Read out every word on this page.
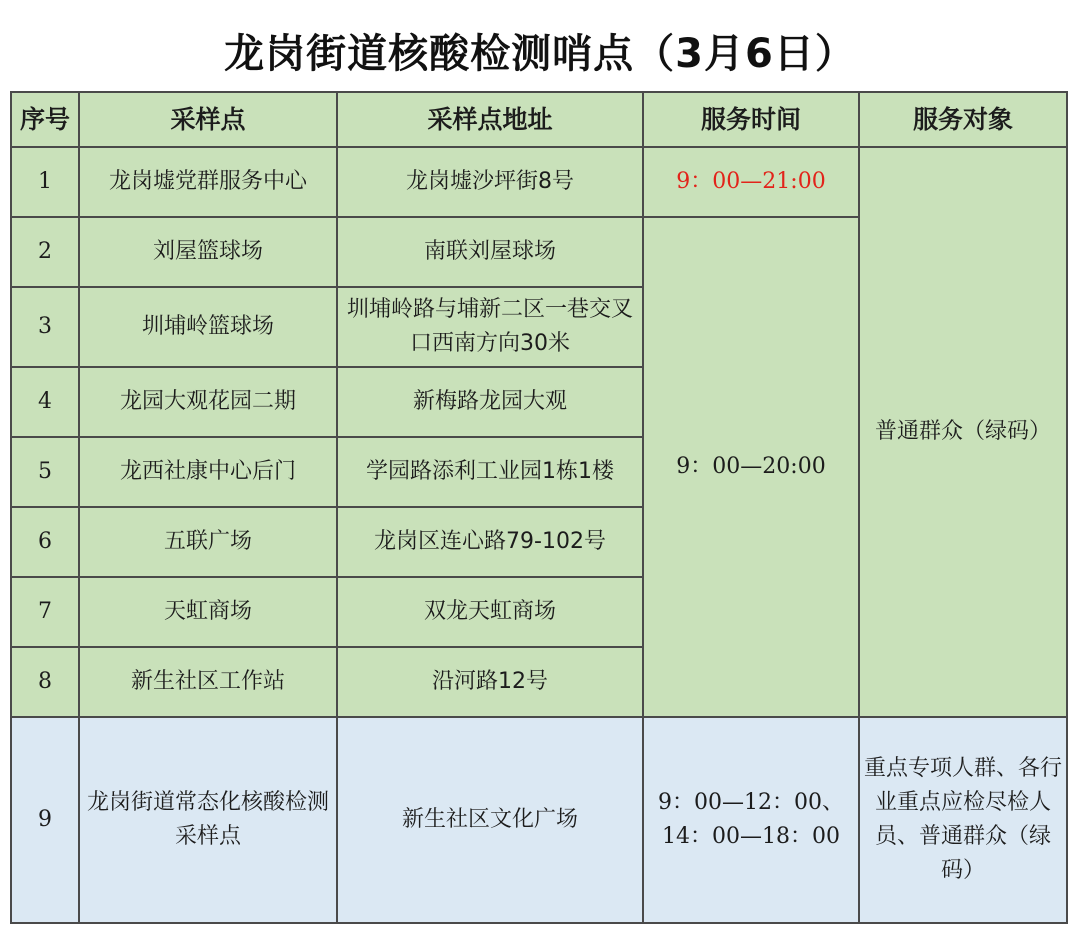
龙岗街道核酸检测哨点（3月6日）
序号	采样点	采样点地址	服务时间	服务对象
1	龙岗墟党群服务中心	龙岗墟沙坪街8号	9：00—21:00	普通群众（绿码）
2	刘屋篮球场	南联刘屋球场	9：00—20:00	
3	圳埔岭篮球场	圳埔岭路与埔新二区一巷交叉口西南方向30米		
4	龙园大观花园二期	新梅路龙园大观		
5	龙西社康中心后门	学园路添利工业园1栋1楼		
6	五联广场	龙岗区连心路79-102号		
7	天虹商场	双龙天虹商场		
8	新生社区工作站	沿河路12号		
9	龙岗街道常态化核酸检测采样点	新生社区文化广场	9：00—12：00、14：00—18：00	重点专项人群、各行业重点应检尽检人员、普通群众（绿码）
